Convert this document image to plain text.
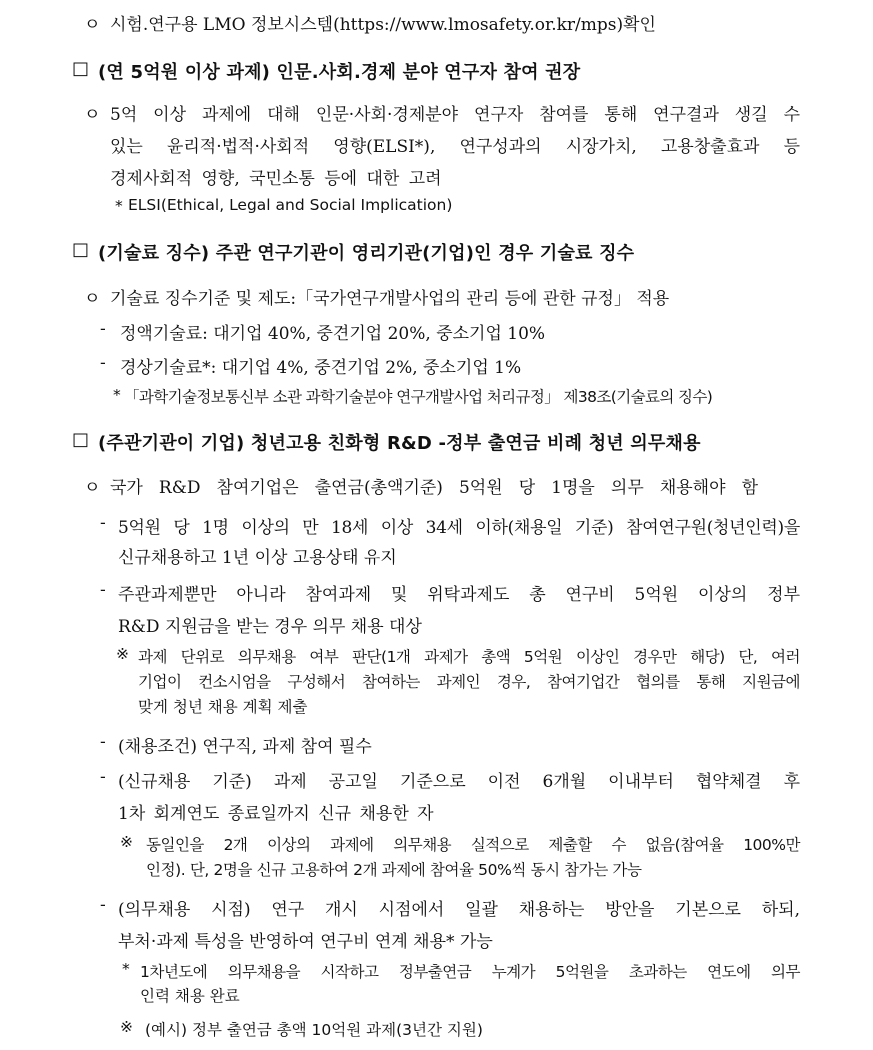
ㅇ 시험.연구용 LMO 정보시스템(https://www.lmosafety.or.kr/mps)확인
□ (연 5억원 이상 과제) 인문.사회.경제 분야 연구자 참여 권장
ㅇ 5억 이상 과제에 대해 인문·사회·경제분야 연구자 참여를 통해 연구결과 생길 수
있는 윤리적·법적·사회적 영향(ELSI*), 연구성과의 시장가치, 고용창출효과 등
경제사회적 영향, 국민소통 등에 대한 고려
* ELSI(Ethical, Legal and Social Implication)
□ (기술료 징수) 주관 연구기관이 영리기관(기업)인 경우 기술료 징수
ㅇ 기술료 징수기준 및 제도:「국가연구개발사업의 관리 등에 관한 규정」 적용
- 정액기술료: 대기업 40%, 중견기업 20%, 중소기업 10%
- 경상기술료*: 대기업 4%, 중견기업 2%, 중소기업 1%
* 「과학기술정보통신부 소관 과학기술분야 연구개발사업 처리규정」 제38조(기술료의 징수)
□ (주관기관이 기업) 청년고용 친화형 R&D -정부 출연금 비례 청년 의무채용
ㅇ 국가 R&D 참여기업은 출연금(총액기준) 5억원 당 1명을 의무 채용해야 함
- 5억원 당 1명 이상의 만 18세 이상 34세 이하(채용일 기준) 참여연구원(청년인력)을
신규채용하고 1년 이상 고용상태 유지
- 주관과제뿐만 아니라 참여과제 및 위탁과제도 총 연구비 5억원 이상의 정부
R&D 지원금을 받는 경우 의무 채용 대상
※ 과제 단위로 의무채용 여부 판단(1개 과제가 총액 5억원 이상인 경우만 해당) 단, 여러
기업이 컨소시엄을 구성해서 참여하는 과제인 경우, 참여기업간 협의를 통해 지원금에
맞게 청년 채용 계획 제출
- (채용조건) 연구직, 과제 참여 필수
- (신규채용 기준) 과제 공고일 기준으로 이전 6개월 이내부터 협약체결 후
1차 회계연도 종료일까지 신규 채용한 자
※ 동일인을 2개 이상의 과제에 의무채용 실적으로 제출할 수 없음(참여율 100%만
인정). 단, 2명을 신규 고용하여 2개 과제에 참여율 50%씩 동시 참가는 가능
- (의무채용 시점) 연구 개시 시점에서 일괄 채용하는 방안을 기본으로 하되,
부처·과제 특성을 반영하여 연구비 연계 채용* 가능
* 1차년도에 의무채용을 시작하고 정부출연금 누계가 5억원을 초과하는 연도에 의무
인력 채용 완료
※ (예시) 정부 출연금 총액 10억원 과제(3년간 지원)
